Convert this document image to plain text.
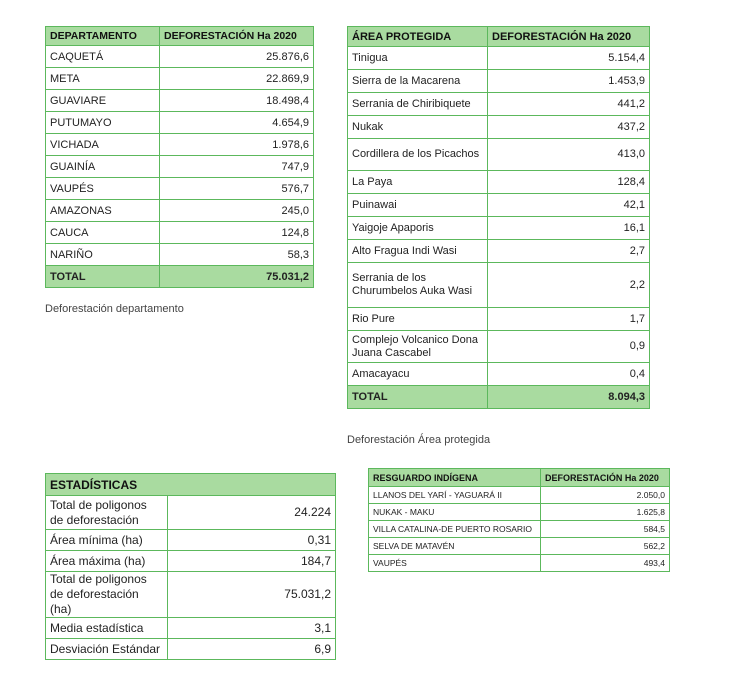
DEPARTAMENTO	DEFORESTACIÓN Ha 2020
CAQUETÁ	25.876,6
META	22.869,9
GUAVIARE	18.498,4
PUTUMAYO	4.654,9
VICHADA	1.978,6
GUAINÍA	747,9
VAUPÉS	576,7
AMAZONAS	245,0
CAUCA	124,8
NARIÑO	58,3
TOTAL	75.031,2
Deforestación departamento
ÁREA PROTEGIDA	DEFORESTACIÓN Ha 2020
Tinigua	5.154,4
Sierra de la Macarena	1.453,9
Serrania de Chiribiquete	441,2
Nukak	437,2
Cordillera de los Picachos	413,0
La Paya	128,4
Puinawai	42,1
Yaigoje Apaporis	16,1
Alto Fragua Indi Wasi	2,7
Serrania de los Churumbelos Auka Wasi	2,2
Rio Pure	1,7
Complejo Volcanico Dona Juana Cascabel	0,9
Amacayacu	0,4
TOTAL	8.094,3
Deforestación Área protegida
ESTADÍSTICAS	
Total de poligonos de deforestación	24.224
Área mínima (ha)	0,31
Área máxima (ha)	184,7
Total de poligonos de deforestación (ha)	75.031,2
Media estadística	3,1
Desviación Estándar	6,9
RESGUARDO INDÍGENA	DEFORESTACIÓN Ha 2020
LLANOS DEL YARÍ - YAGUARÁ II	2.050,0
NUKAK - MAKU	1.625,8
VILLA CATALINA-DE PUERTO ROSARIO	584,5
SELVA DE MATAVÉN	562,2
VAUPÉS	493,4
